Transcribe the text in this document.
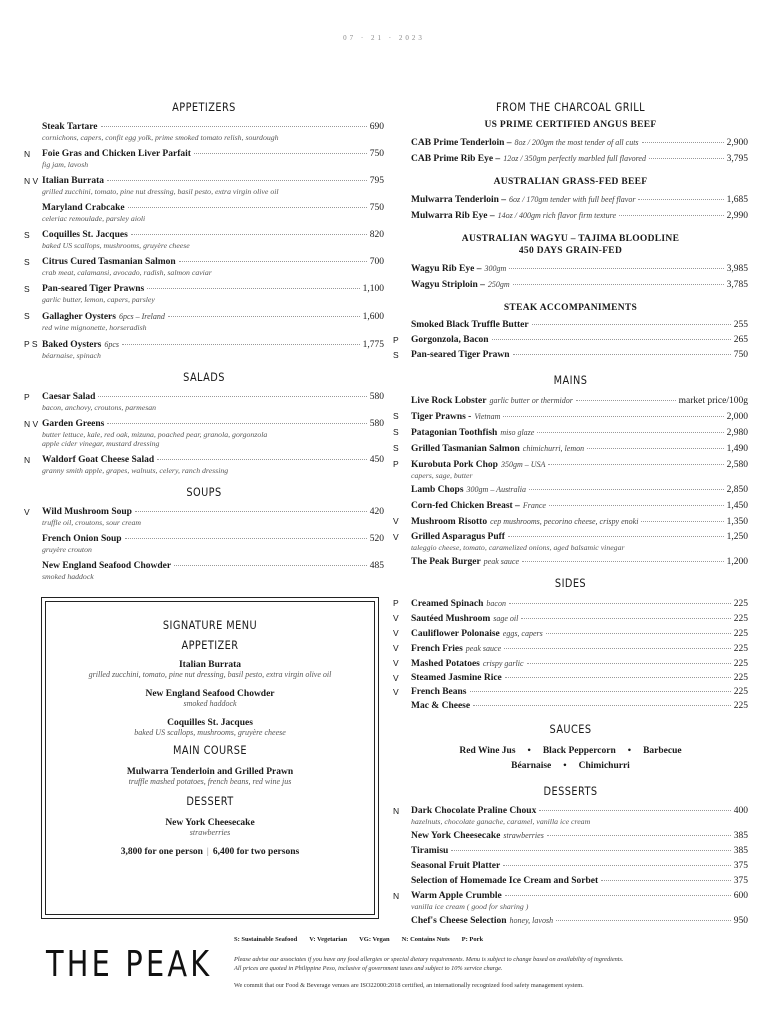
07 · 21 · 2023
APPETIZERS
Steak Tartare	690
cornichons, capers, confit egg yolk, prime smoked tomato relish, sourdough
N Foie Gras and Chicken Liver Parfait	750
fig jam, lavosh
N V Italian Burrata	795
grilled zucchini, tomato, pine nut dressing, basil pesto, extra virgin olive oil
Maryland Crabcake	750
celeriac remoulade, parsley aioli
S Coquilles St. Jacques	820
baked US scallops, mushrooms, gruyère cheese
S Citrus Cured Tasmanian Salmon	700
crab meat, calamansi, avocado, radish, salmon caviar
S Pan-seared Tiger Prawns	1,100
garlic butter, lemon, capers, parsley
S Gallagher Oysters 6pcs – Ireland	1,600
red wine mignonette, horseradish
P S Baked Oysters 6pcs	1,775
béarnaise, spinach
SALADS
P Caesar Salad	580
bacon, anchovy, croutons, parmesan
N V Garden Greens	580
butter lettuce, kale, red oak, mizuna, poached pear, granola, gorgonzola
apple cider vinegar, mustard dressing
N Waldorf Goat Cheese Salad	450
granny smith apple, grapes, walnuts, celery, ranch dressing
SOUPS
V Wild Mushroom Soup	420
truffle oil, croutons, sour cream
French Onion Soup	520
gruyère crouton
New England Seafood Chowder	485
smoked haddock
SIGNATURE MENU
APPETIZER
Italian Burrata
grilled zucchini, tomato, pine nut dressing, basil pesto, extra virgin olive oil
New England Seafood Chowder
smoked haddock
Coquilles St. Jacques
baked US scallops, mushrooms, gruyère cheese
MAIN COURSE
Mulwarra Tenderloin and Grilled Prawn
truffle mashed potatoes, french beans, red wine jus
DESSERT
New York Cheesecake
strawberries
3,800 for one person | 6,400 for two persons
FROM THE CHARCOAL GRILL
US PRIME CERTIFIED ANGUS BEEF
CAB Prime Tenderloin – 8oz / 200gm the most tender of all cuts	2,900
CAB Prime Rib Eye – 12oz / 350gm perfectly marbled full flavored	3,795
AUSTRALIAN GRASS-FED BEEF
Mulwarra Tenderloin – 6oz / 170gm tender with full beef flavor	1,685
Mulwarra Rib Eye – 14oz / 400gm rich flavor firm texture	2,990
AUSTRALIAN WAGYU – TAJIMA BLOODLINE
450 DAYS GRAIN-FED
Wagyu Rib Eye – 300gm	3,985
Wagyu Striploin – 250gm	3,785
STEAK ACCOMPANIMENTS
Smoked Black Truffle Butter	255
P Gorgonzola, Bacon	265
S Pan-seared Tiger Prawn	750
MAINS
Live Rock Lobster garlic butter or thermidor	market price/100g
S Tiger Prawns - Vietnam	2,000
S Patagonian Toothfish miso glaze	2,980
S Grilled Tasmanian Salmon chimichurri, lemon	1,490
P Kurobuta Pork Chop 350gm – USA	2,580
capers, sage, butter
Lamb Chops 300gm – Australia	2,850
Corn-fed Chicken Breast – France	1,450
V Mushroom Risotto cep mushrooms, pecorino cheese, crispy enoki	1,350
V Grilled Asparagus Puff	1,250
taleggio cheese, tomato, caramelized onions, aged balsamic vinegar
The Peak Burger peak sauce	1,200
SIDES
P Creamed Spinach bacon	225
V Sautéed Mushroom sage oil	225
V Cauliflower Polonaise eggs, capers	225
V French Fries peak sauce	225
V Mashed Potatoes crispy garlic	225
V Steamed Jasmine Rice	225
V French Beans	225
Mac & Cheese	225
SAUCES
Red Wine Jus • Black Peppercorn • Barbecue
Béarnaise • Chimichurri
DESSERTS
N Dark Chocolate Praline Choux	400
hazelnuts, chocolate ganache, caramel, vanilla ice cream
New York Cheesecake strawberries	385
Tiramisu	385
Seasonal Fruit Platter	375
Selection of Homemade Ice Cream and Sorbet	375
N Warm Apple Crumble	600
vanilla ice cream ( good for sharing )
Chef's Cheese Selection honey, lavosh	950
THE PEAK
S: Sustainable Seafood V: Vegetarian VG: Vegan N: Contains Nuts P: Pork
Please advise our associates if you have any food allergies or special dietary requirements. Menu is subject to change based on availability of ingredients.
All prices are quoted in Philippine Peso, inclusive of government taxes and subject to 10% service charge.
We commit that our Food & Beverage venues are ISO22000:2018 certified, an internationally recognized food safety management system.
